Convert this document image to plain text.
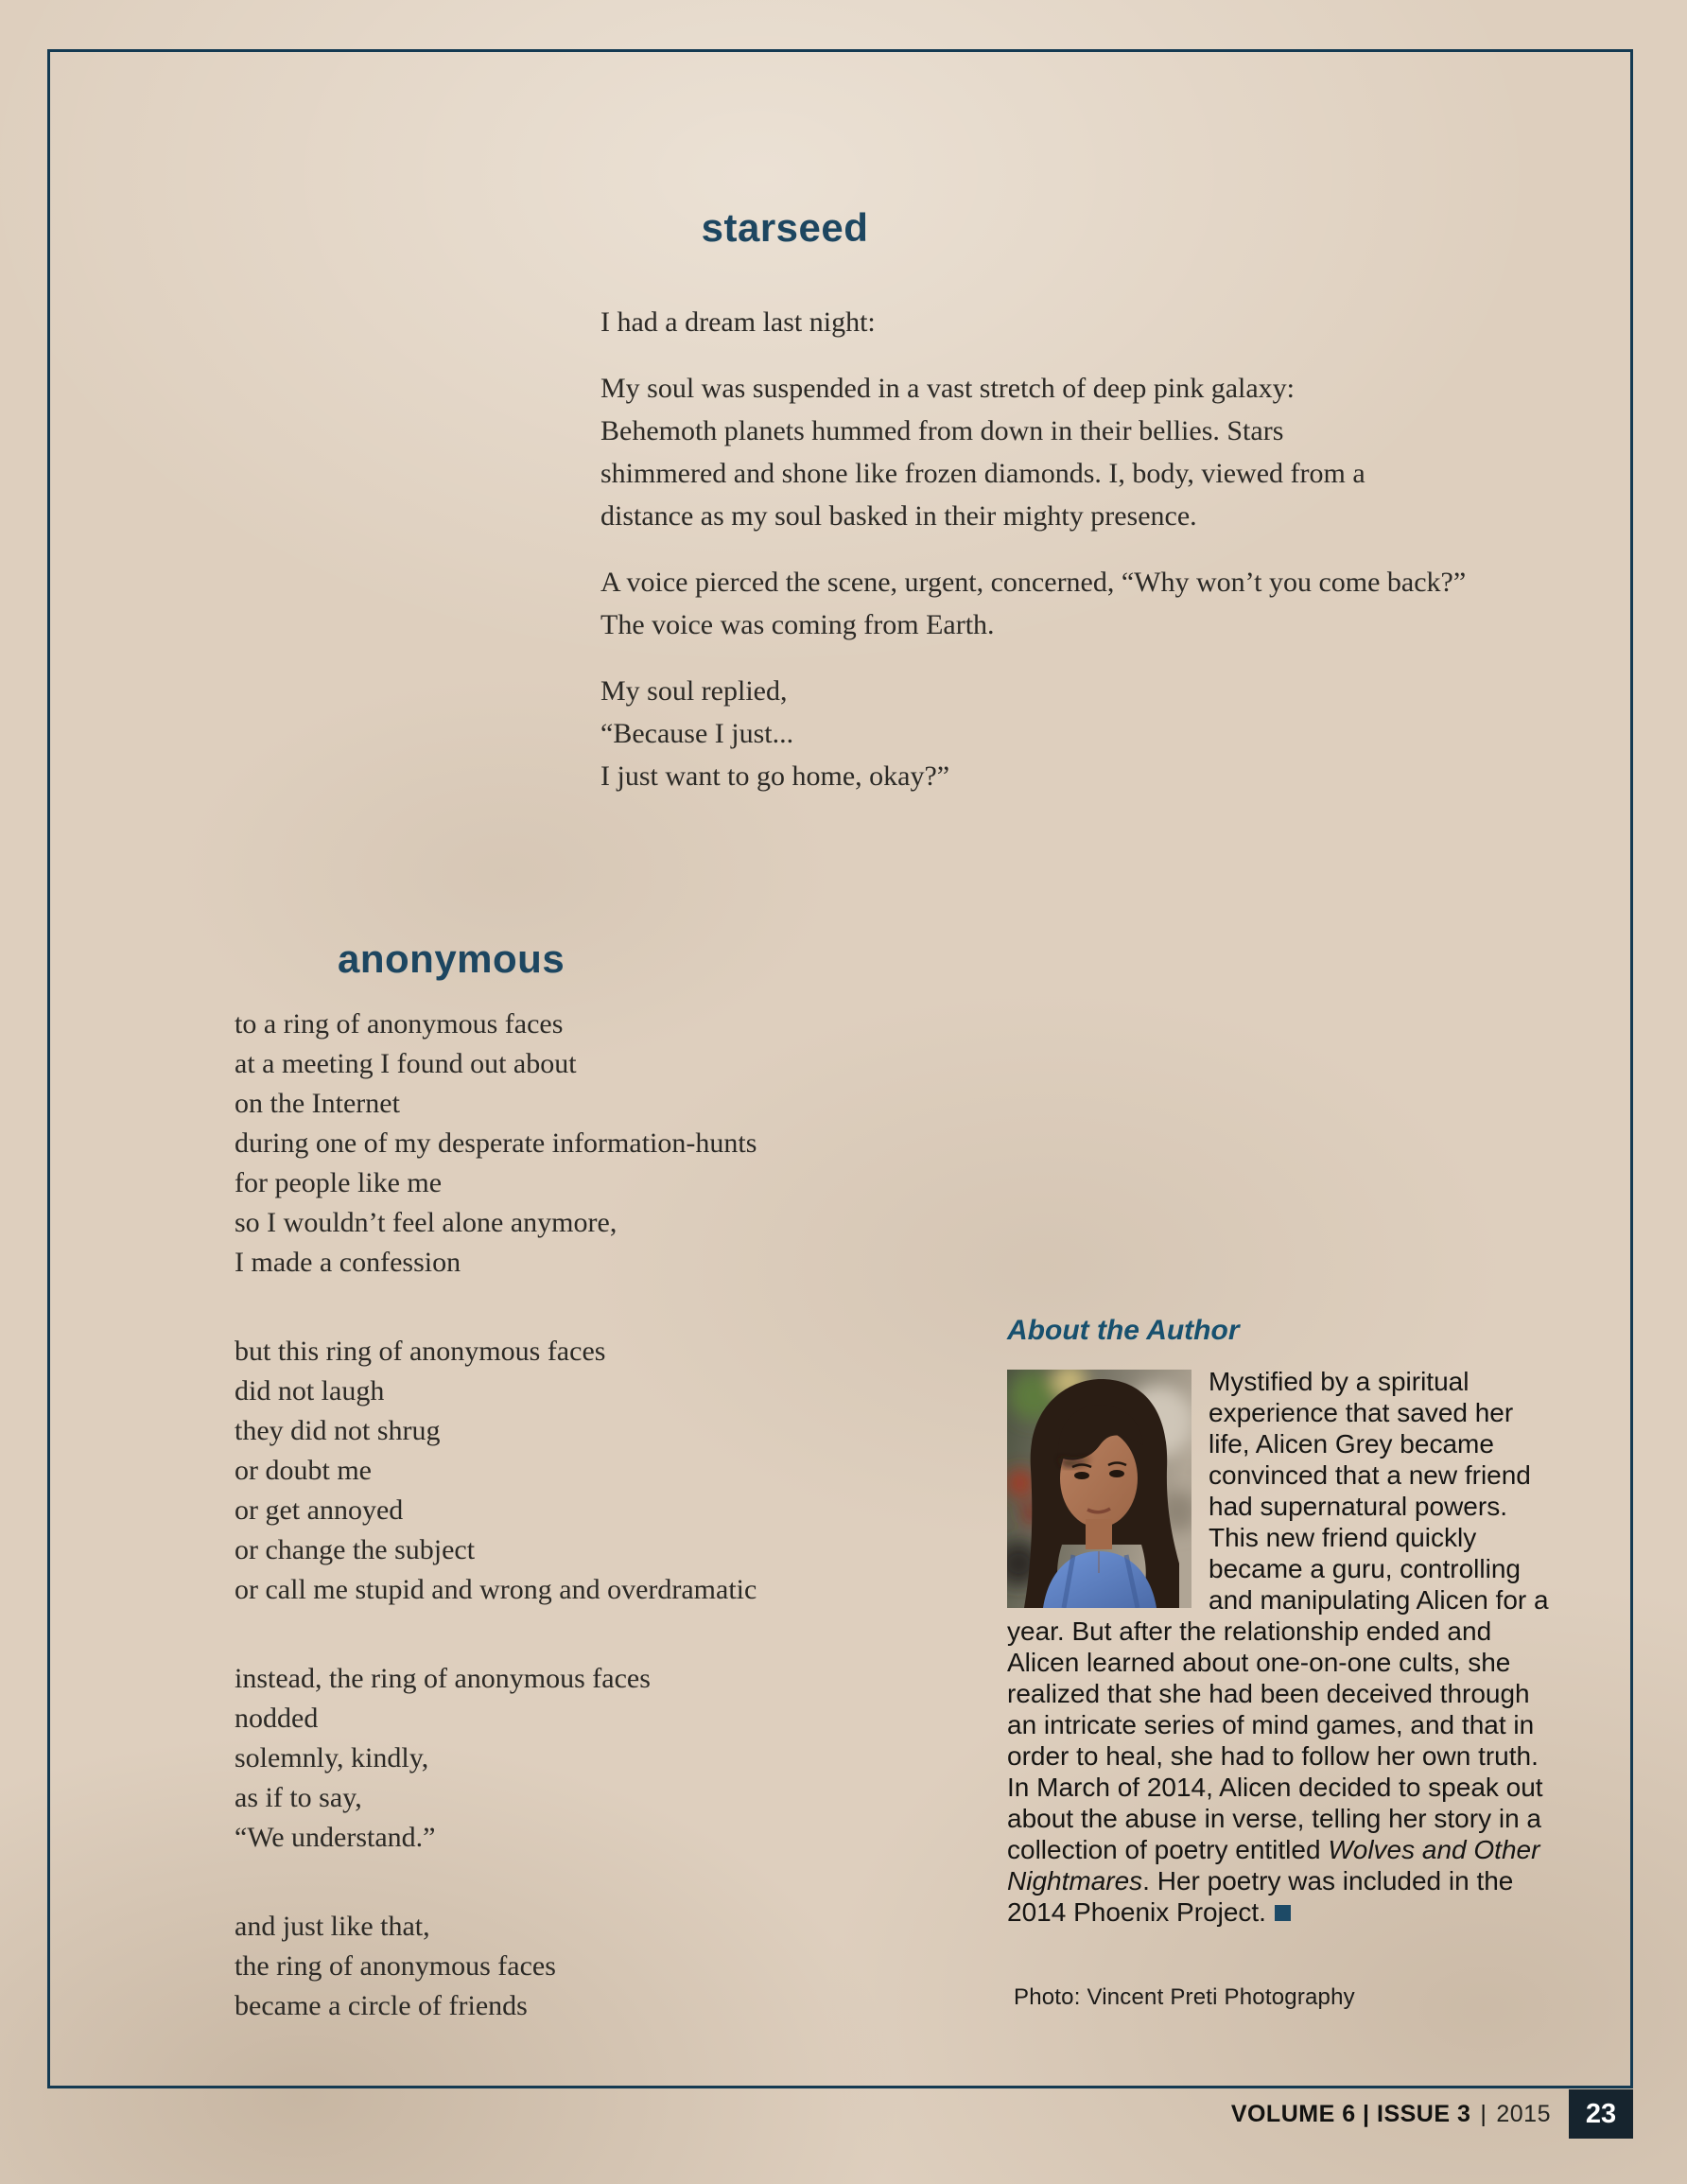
starseed
I had a dream last night:
My soul was suspended in a vast stretch of deep pink galaxy:
Behemoth planets hummed from down in their bellies. Stars
shimmered and shone like frozen diamonds. I, body, viewed from a
distance as my soul basked in their mighty presence.
A voice pierced the scene, urgent, concerned, “Why won’t you come back?”
The voice was coming from Earth.
My soul replied,
“Because I just...
I just want to go home, okay?”
anonymous
to a ring of anonymous faces
at a meeting I found out about
on the Internet
during one of my desperate information-hunts
for people like me
so I wouldn’t feel alone anymore,
I made a confession
but this ring of anonymous faces
did not laugh
they did not shrug
or doubt me
or get annoyed
or change the subject
or call me stupid and wrong and overdramatic
instead, the ring of anonymous faces
nodded
solemnly, kindly,
as if to say,
“We understand.”
and just like that,
the ring of anonymous faces
became a circle of friends
About the Author
Mystified by a spiritual experience that saved her life, Alicen Grey became convinced that a new friend had supernatural powers. This new friend quickly became a guru, controlling and manipulating Alicen for a year. But after the relationship ended and Alicen learned about one-on-one cults, she realized that she had been deceived through an intricate series of mind games, and that in order to heal, she had to follow her own truth. In March of 2014, Alicen decided to speak out about the abuse in verse, telling her story in a collection of poetry entitled Wolves and Other Nightmares. Her poetry was included in the 2014 Phoenix Project.
Photo: Vincent Preti Photography
VOLUME 6 | ISSUE 3 | 2015 23
